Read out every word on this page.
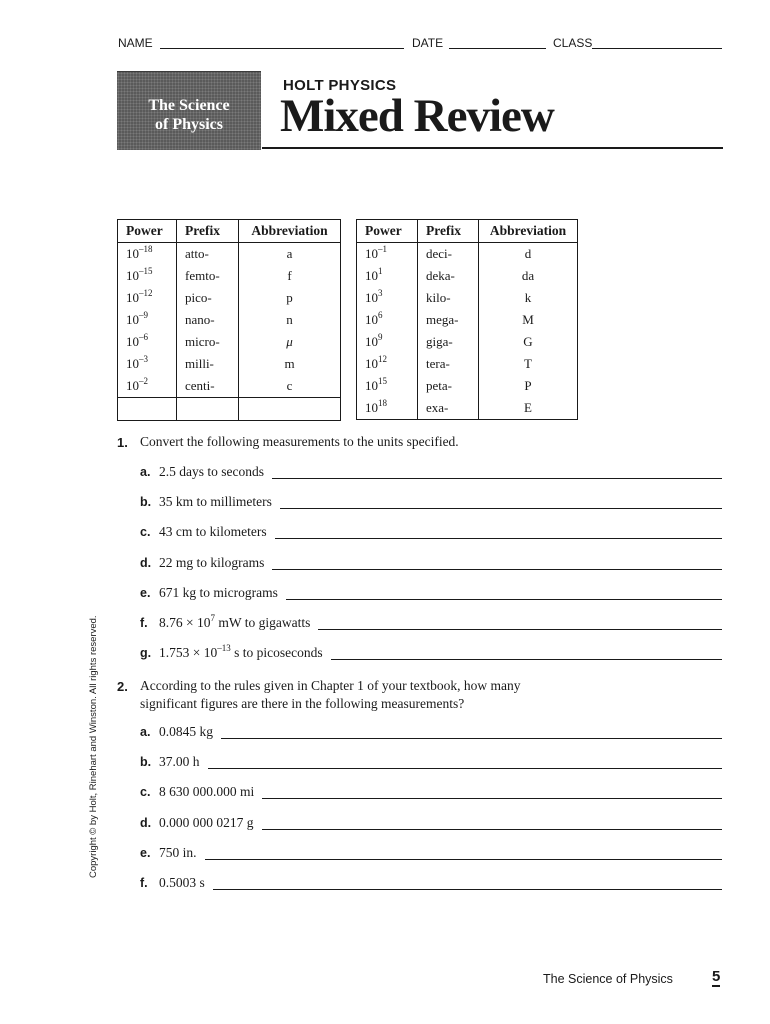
NAME	DATE	CLASS
The Science
of Physics
HOLT PHYSICS
Mixed Review
Power	Prefix	Abbreviation
$10^{-18}$	atto-	a
$10^{-15}$	femto-	f
$10^{-12}$	pico-	p
$10^{-9}$	nano-	n
$10^{-6}$	micro-	μ
$10^{-3}$	milli-	m
$10^{-2}$	centi-	c

Power	Prefix	Abbreviation
$10^{-1}$	deci-	d
$10^1$	deka-	da
$10^3$	kilo-	k
$10^6$	mega-	M
$10^9$	giga-	G
$10^{12}$	tera-	T
$10^{15}$	peta-	P
$10^{18}$	exa-	E
1. Convert the following measurements to the units specified.
a. 2.5 days to seconds
b. 35 km to millimeters
c. 43 cm to kilometers
d. 22 mg to kilograms
e. 671 kg to micrograms
f. $8.76 \times 10^7$ mW to gigawatts
g. $1.753 \times 10^{-13}$ s to picoseconds
2. According to the rules given in Chapter 1 of your textbook, how many
significant figures are there in the following measurements?
a. 0.0845 kg
b. 37.00 h
c. 8 630 000.000 mi
d. 0.000 000 0217 g
e. 750 in.
f. 0.5003 s
Copyright © by Holt, Rinehart and Winston. All rights reserved.
The Science of Physics	5
